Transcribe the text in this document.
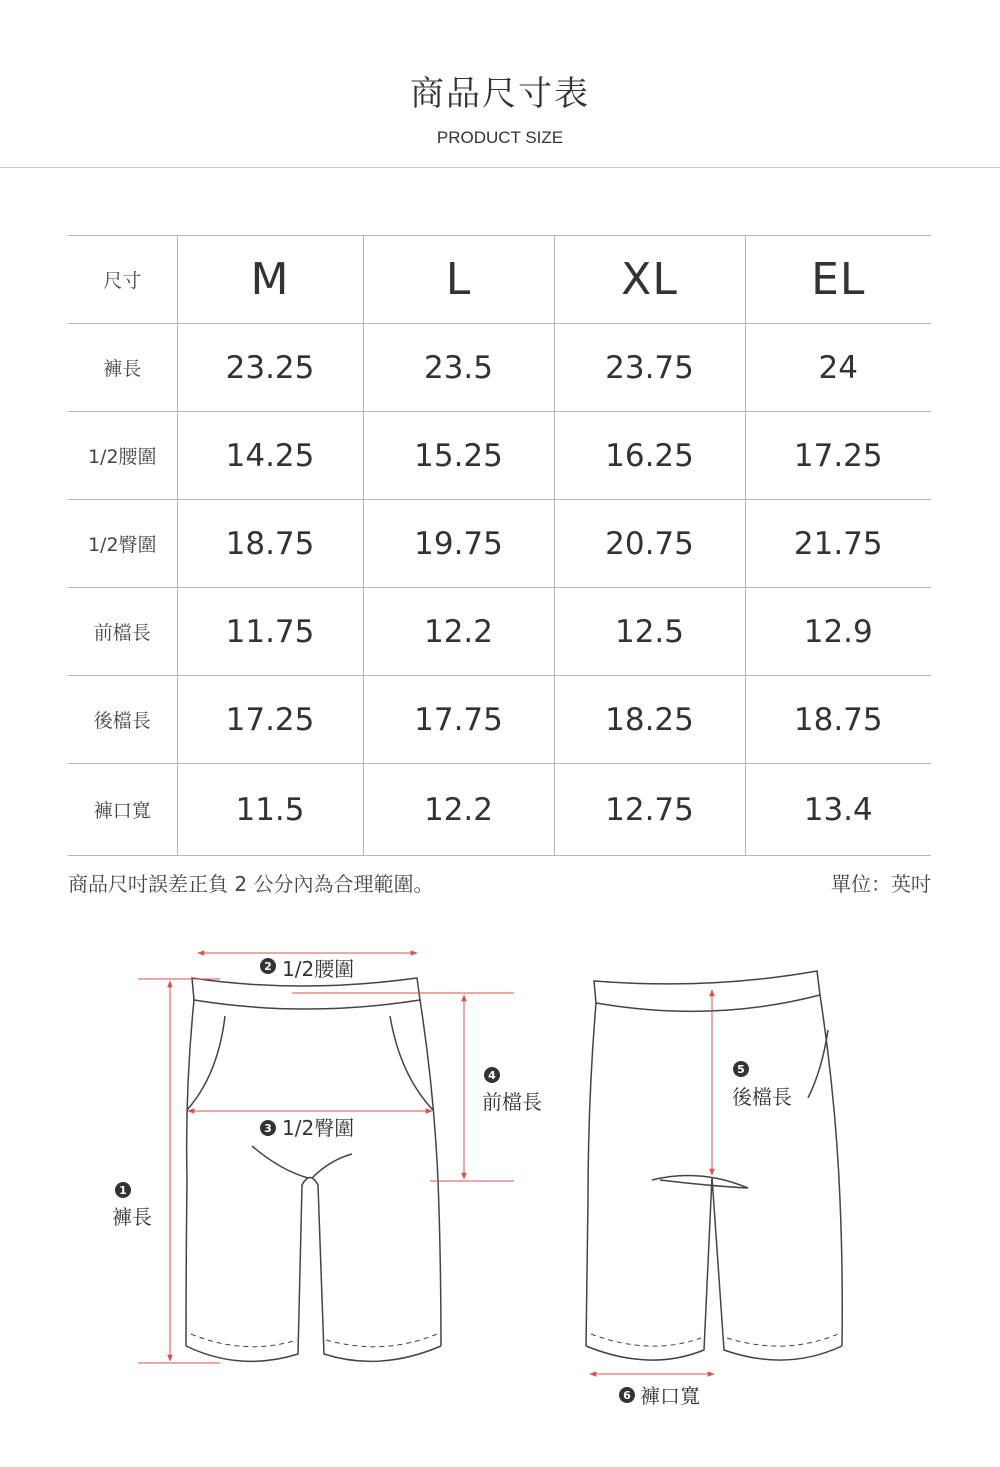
商品尺寸表
PRODUCT SIZE
尺寸	M	L	XL	EL
褲長	23.25	23.5	23.75	24
1/2腰圍	14.25	15.25	16.25	17.25
1/2臀圍	18.75	19.75	20.75	21.75
前檔長	11.75	12.2	12.5	12.9
後檔長	17.25	17.75	18.25	18.75
褲口寬	11.5	12.2	12.75	13.4
商品尺吋誤差正負 2 公分內為合理範圍。	單位：英吋
1
褲長
2 1/2腰圍
3 1/2臀圍
4
前檔長
5
後檔長
6 褲口寬
